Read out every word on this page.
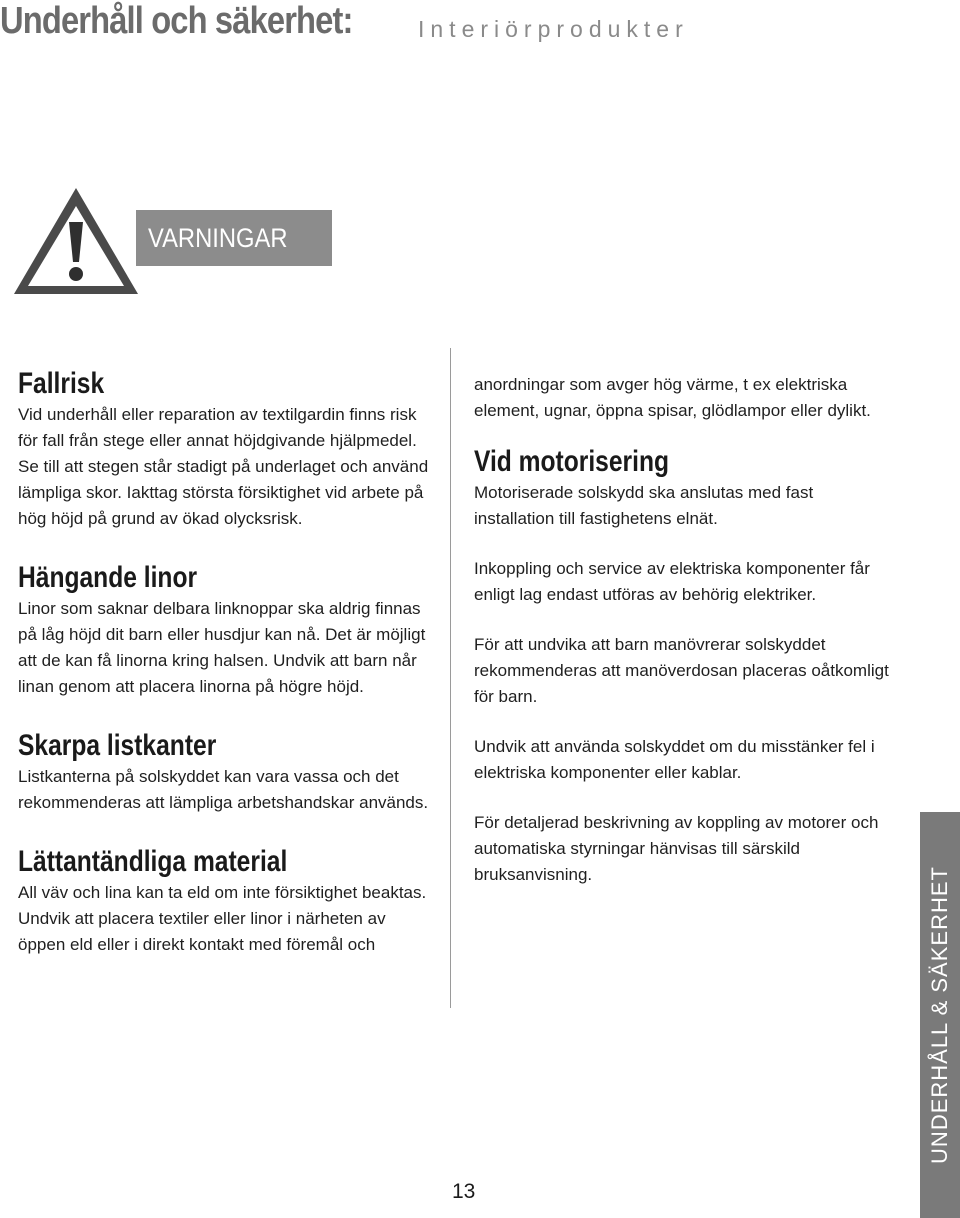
Underhåll och säkerhet:	Interiörprodukter
VARNINGAR
Fallrisk

Vid underhåll eller reparation av textilgardin finns risk för fall från stege eller annat höjdgivande hjälpmedel. Se till att stegen står stadigt på underlaget och använd lämpliga skor. Iakttag största försiktighet vid arbete på hög höjd på grund av ökad olycksrisk.

Hängande linor

Linor som saknar delbara linknoppar ska aldrig finnas på låg höjd dit barn eller husdjur kan nå. Det är möjligt att de kan få linorna kring halsen. Undvik att barn når linan genom att placera linorna på högre höjd.

Skarpa listkanter

Listkanterna på solskyddet kan vara vassa och det rekommenderas att lämpliga arbetshandskar används.

Lättantändliga material

All väv och lina kan ta eld om inte försiktighet beaktas. Undvik att placera textiler eller linor i närheten av öppen eld eller i direkt kontakt med föremål och

anordningar som avger hög värme, t ex elektriska element, ugnar, öppna spisar, glödlampor eller dylikt.

Vid motorisering

Motoriserade solskydd ska anslutas med fast installation till fastighetens elnät.

Inkoppling och service av elektriska komponenter får enligt lag endast utföras av behörig elektriker.

För att undvika att barn manövrerar solskyddet rekommenderas att manöverdosan placeras oåtkomligt för barn.

Undvik att använda solskyddet om du misstänker fel i elektriska komponenter eller kablar.

För detaljerad beskrivning av koppling av motorer och automatiska styrningar hänvisas till särskild bruksanvisning.

13
UNDERHÅLL & SÄKERHET
